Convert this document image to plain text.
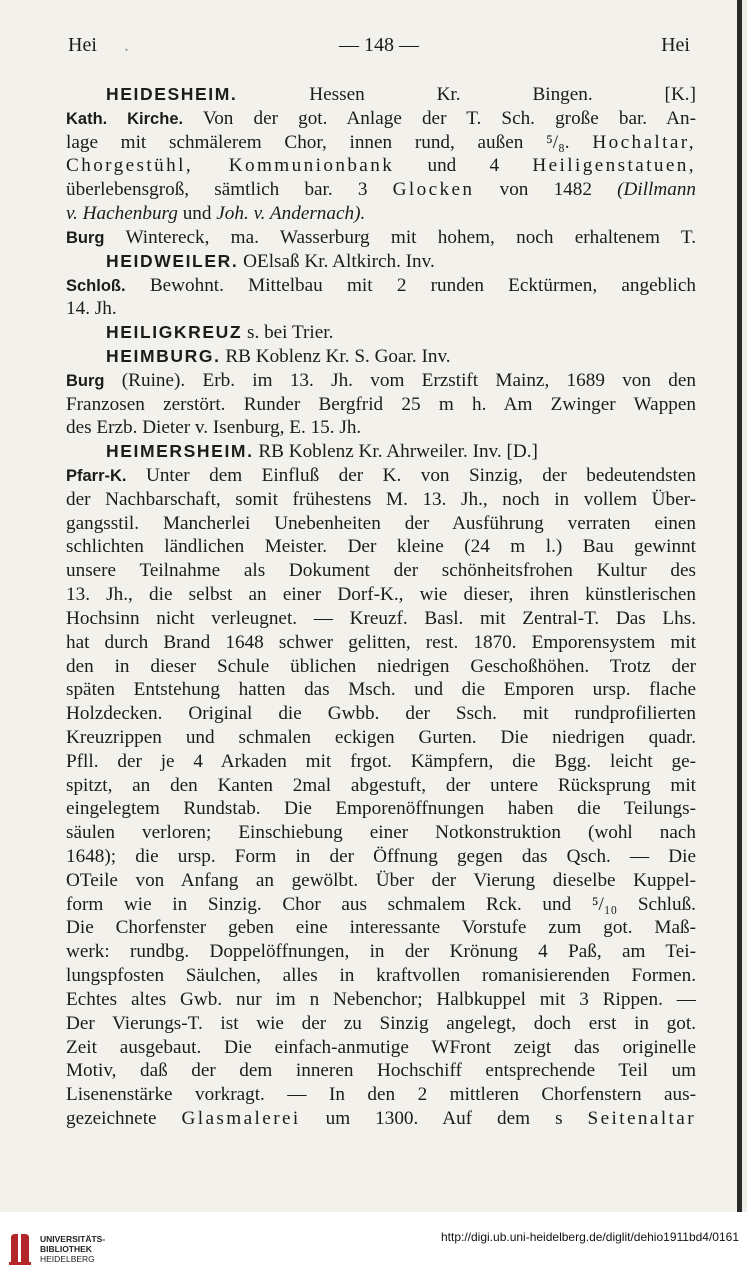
Hei .	— 148 —	Hei
HEIDESHEIM. Hessen Kr. Bingen. [K.]
Kath. Kirche. Von der got. Anlage der T. Sch. große bar. An-
lage mit schmälerem Chor, innen rund, außen ⁵/₈. Hochaltar,
Chorgestühl, Kommunionbank und 4 Heiligenstatuen,
überlebensgroß, sämtlich bar. 3 Glocken von 1482 (Dillmann
v. Hachenburg und Joh. v. Andernach).
Burg Wintereck, ma. Wasserburg mit hohem, noch erhaltenem T.
HEIDWEILER. OElsaß Kr. Altkirch. Inv.
Schloß. Bewohnt. Mittelbau mit 2 runden Ecktürmen, angeblich
14. Jh.
HEILIGKREUZ s. bei Trier.
HEIMBURG. RB Koblenz Kr. S. Goar. Inv.
Burg (Ruine). Erb. im 13. Jh. vom Erzstift Mainz, 1689 von den
Franzosen zerstört. Runder Bergfrid 25 m h. Am Zwinger Wappen
des Erzb. Dieter v. Isenburg, E. 15. Jh.
HEIMERSHEIM. RB Koblenz Kr. Ahrweiler. Inv. [D.]
Pfarr-K. Unter dem Einfluß der K. von Sinzig, der bedeutendsten
der Nachbarschaft, somit frühestens M. 13. Jh., noch in vollem Über-
gangsstil. Mancherlei Unebenheiten der Ausführung verraten einen
schlichten ländlichen Meister. Der kleine (24 m l.) Bau gewinnt
unsere Teilnahme als Dokument der schönheitsfrohen Kultur des
13. Jh., die selbst an einer Dorf-K., wie dieser, ihren künstlerischen
Hochsinn nicht verleugnet. — Kreuzf. Basl. mit Zentral-T. Das Lhs.
hat durch Brand 1648 schwer gelitten, rest. 1870. Emporensystem mit
den in dieser Schule üblichen niedrigen Geschoßhöhen. Trotz der
späten Entstehung hatten das Msch. und die Emporen ursp. flache
Holzdecken. Original die Gwbb. der Ssch. mit rundprofilierten
Kreuzrippen und schmalen eckigen Gurten. Die niedrigen quadr.
Pfll. der je 4 Arkaden mit frgot. Kämpfern, die Bgg. leicht ge-
spitzt, an den Kanten 2mal abgestuft, der untere Rücksprung mit
eingelegtem Rundstab. Die Emporenöffnungen haben die Teilungs-
säulen verloren; Einschiebung einer Notkonstruktion (wohl nach
1648); die ursp. Form in der Öffnung gegen das Qsch. — Die
OTeile von Anfang an gewölbt. Über der Vierung dieselbe Kuppel-
form wie in Sinzig. Chor aus schmalem Rck. und ⁵/₁₀ Schluß.
Die Chorfenster geben eine interessante Vorstufe zum got. Maß-
werk: rundbg. Doppelöffnungen, in der Krönung 4 Paß, am Tei-
lungspfosten Säulchen, alles in kraftvollen romanisierenden Formen.
Echtes altes Gwb. nur im n Nebenchor; Halbkuppel mit 3 Rippen. —
Der Vierungs-T. ist wie der zu Sinzig angelegt, doch erst in got.
Zeit ausgebaut. Die einfach-anmutige WFront zeigt das originelle
Motiv, daß der dem inneren Hochschiff entsprechende Teil um
Lisenenstärke vorkragt. — In den 2 mittleren Chorfenstern aus-
gezeichnete Glasmalerei um 1300. Auf dem s Seitenaltar
UNIVERSITÄTS-
BIBLIOTHEK
HEIDELBERG
http://digi.ub.uni-heidelberg.de/diglit/dehio1911bd4/0161
